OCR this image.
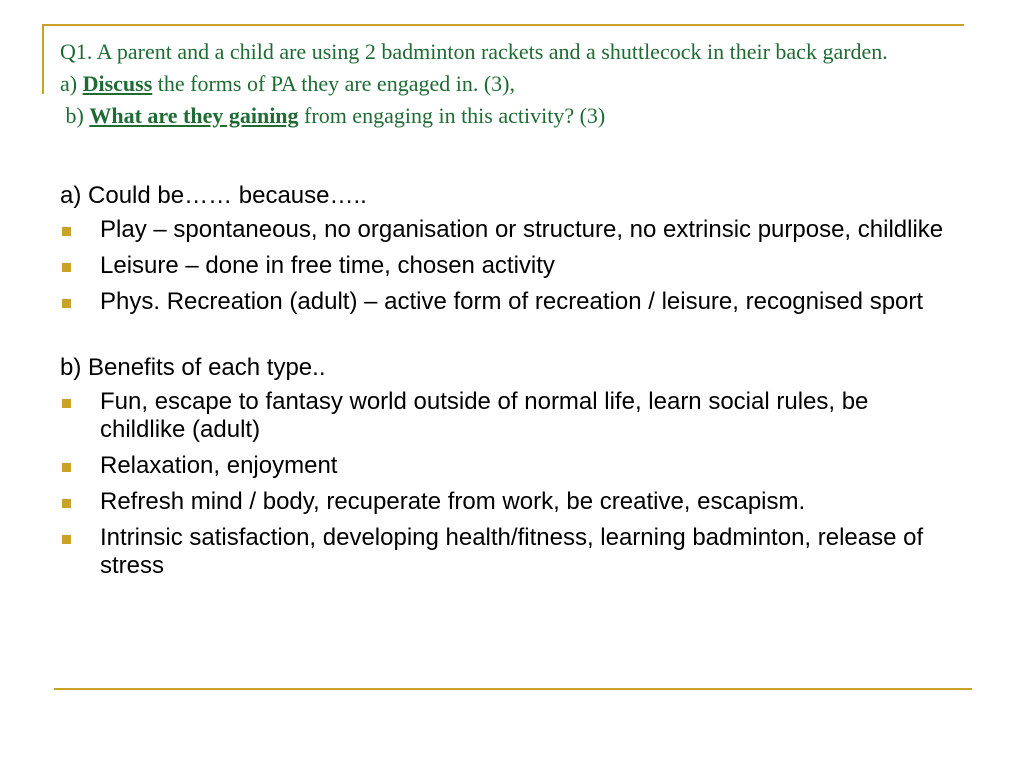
Q1. A parent and a child are using 2 badminton rackets and a shuttlecock in their back garden.
a) Discuss the forms of PA they are engaged in. (3),
b) What are they gaining from engaging in this activity? (3)
a) Could be…… because…..
Play – spontaneous, no organisation or structure, no extrinsic purpose, childlike
Leisure – done in free time, chosen activity
Phys. Recreation (adult) – active form of recreation / leisure, recognised sport
b) Benefits of each type..
Fun, escape to fantasy world outside of normal life, learn social rules, be childlike (adult)
Relaxation, enjoyment
Refresh mind / body, recuperate from work, be creative, escapism.
Intrinsic satisfaction, developing health/fitness, learning badminton, release of stress
